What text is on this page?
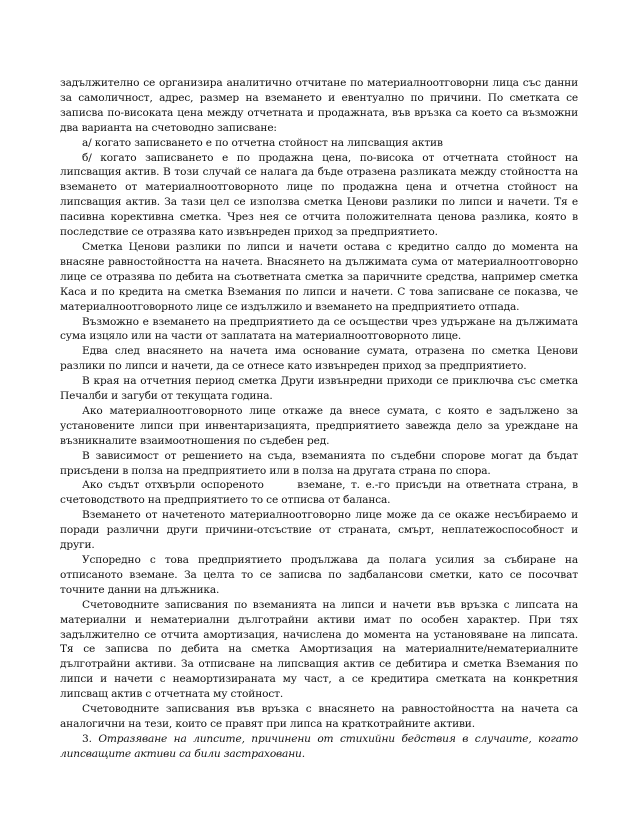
задължително се организира аналитично отчитане по материалноотговорни лица със данни за самоличност, адрес, размер на вземането и евентуално по причини. По сметката се записва по-високата цена между отчетната и продажната, във връзка са което са възможни два варианта на счетоводно записване:

а/ когато записването е по отчетна стойност на липсващия актив

б/ когато записването е по продажна цена, по-висока от отчетната стойност на липсващия актив. В този случай се налага да бъде отразена разликата между стойността на вземането от материалноотговорното лице по продажна цена и отчетна стойност на липсващия актив. За тази цел се използва сметка Ценови разлики по липси и начети. Тя е пасивна корективна сметка. Чрез нея се отчита положителната ценова разлика, която в последствие се отразява като извънреден приход за предприятието.

Сметка Ценови разлики по липси и начети остава с кредитно салдо до момента на внасяне равностойността на начета. Внасянето на дължимата сума от материалноотговорно лице се отразява по дебита на съответната сметка за паричните средства, например сметка Каса и по кредита на сметка Вземания по липси и начети. С това записване се показва, че материалноотговорното лице се издължило и вземането на предприятието отпада.

Възможно е вземането на предприятието да се осъществи чрез удържане на дължимата сума изцяло или на части от заплатата на материалноотговорното лице.

Едва след внасянето на начета има основание сумата, отразена по сметка Ценови разлики по липси и начети, да се отнесе като извънреден приход за предприятието.

В края на отчетния период сметка Други извънредни приходи се приключва със сметка Печалби и загуби от текущата година.

Ако материалноотговорното лице откаже да внесе сумата, с която е задължено за установените липси при инвентаризацията, предприятието завежда дело за уреждане на възникналите взаимоотношения по съдебен ред.

В зависимост от решението на съда, вземанията по съдебни спорове могат да бъдат присъдени в полза на предприятието или в полза на другата страна по спора.

Ако съдът отхвърли оспореното      вземане, т. е.-го присъди на ответната страна, в счетоводството на предприятието то се отписва от баланса.

Вземането от начетеното материалноотговорно лице може да се окаже несъбираемо и поради различни други причини-отсъствие от страната, смърт, неплатежоспособност и други.

Успоредно с това предприятието продължава да полага усилия за събиране на отписаното вземане. За целта то се записва по задбалансови сметки, като се посочват точните данни на длъжника.

Счетоводните записвания по вземанията на липси и начети във връзка с липсата на материални и нематериални дълготрайни активи имат по особен характер. При тях задължително се отчита амортизация, начислена до момента на установяване на липсата. Тя се записва по дебита на сметка Амортизация на материалните/нематериалните дълготрайни активи. За отписване на липсващия актив се дебитира и сметка Вземания по липси и начети с неамортизираната му част, а се кредитира сметката на конкретния липсващ актив с отчетната му стойност.

Счетоводните записвания във връзка с внасянето на равностойността на начета са аналогични на тези, които се правят при липса на краткотрайните активи.

3. Отразяване на липсите, причинени от стихийни бедствия в случаите, когато липсващите активи са били застраховани.
